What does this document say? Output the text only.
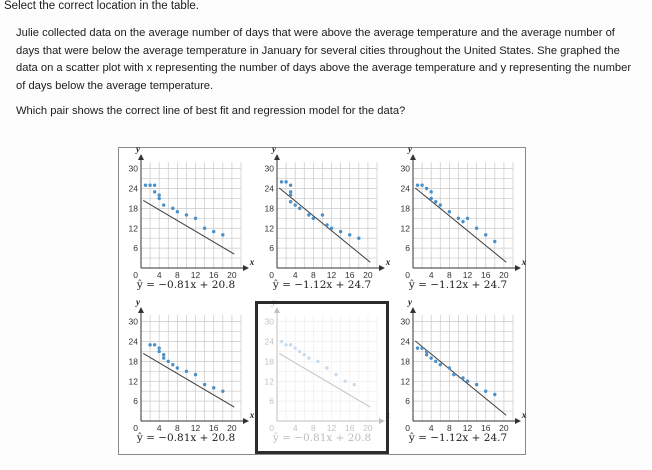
Select the correct location in the table.
Julie collected data on the average number of days that were above the average temperature and the average number of days that were below the average temperature in January for several cities throughout the United States. She graphed the data on a scatter plot with x representing the number of days above the average temperature and y representing the number of days below the average temperature.
Which pair shows the correct line of best fit and regression model for the data?
y
x
6
12
18
24
30
4 8 12 16 20
0
ŷ = −0.81x + 20.8
y
x
6
12
18
24
30
4 8 12 16 20
0
ŷ = −1.12x + 24.7
y
x
6
12
18
24
30
4 8 12 16 20
0
ŷ = −1.12x + 24.7
y
x
6
12
18
24
30
4 8 12 16 20
0
ŷ = −0.81x + 20.8
y
x
6
12
18
24
30
4 8 12 16 20
0
ŷ = −0.81x + 20.8
y
x
6
12
18
24
30
4 8 12 16 20
0
ŷ = −1.12x + 24.7
